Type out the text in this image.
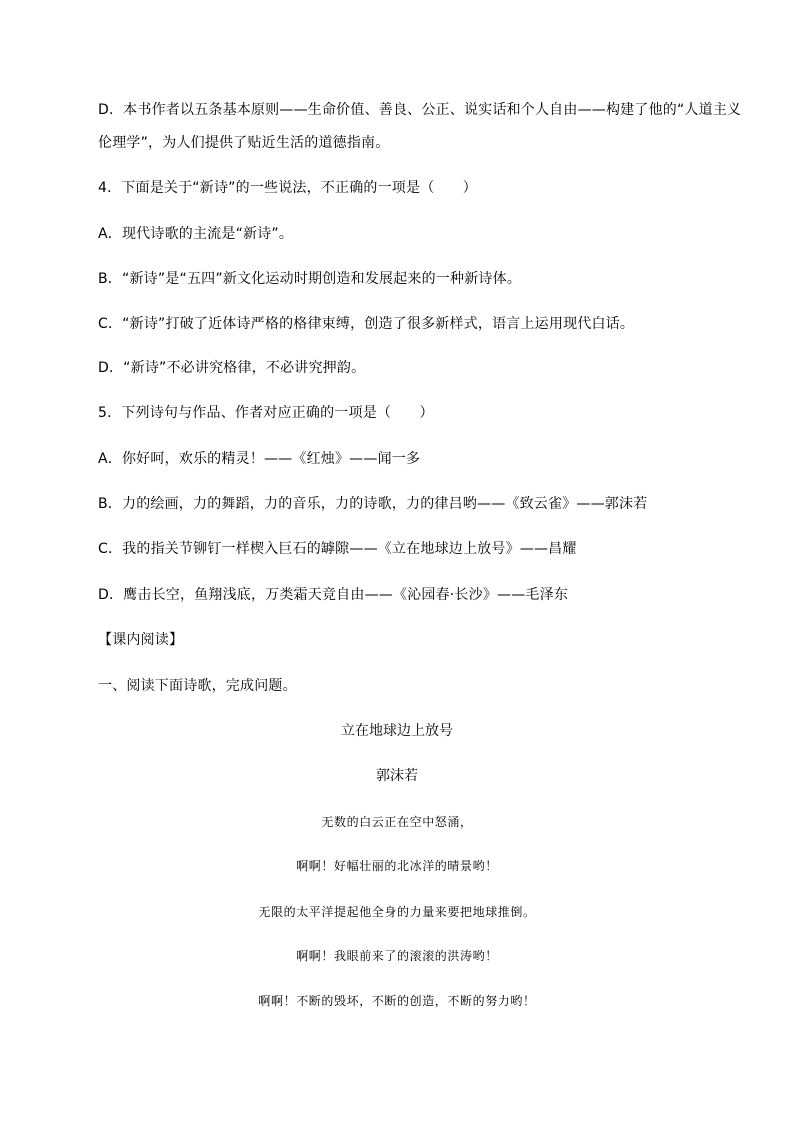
D．本书作者以五条基本原则——生命价值、善良、公正、说实话和个人自由——构建了他的“人道主义
伦理学”，为人们提供了贴近生活的道德指南。
4．下面是关于“新诗”的一些说法，不正确的一项是（　　）
A．现代诗歌的主流是“新诗”。
B．“新诗”是“五四”新文化运动时期创造和发展起来的一种新诗体。
C．“新诗”打破了近体诗严格的格律束缚，创造了很多新样式，语言上运用现代白话。
D．“新诗”不必讲究格律，不必讲究押韵。
5．下列诗句与作品、作者对应正确的一项是（　　）
A．你好呵，欢乐的精灵！——《红烛》——闻一多
B．力的绘画，力的舞蹈，力的音乐，力的诗歌，力的律吕哟——《致云雀》——郭沫若
C．我的指关节铆钉一样楔入巨石的罅隙——《立在地球边上放号》——昌耀
D．鹰击长空，鱼翔浅底，万类霜天竞自由——《沁园春·长沙》——毛泽东
【课内阅读】
一、阅读下面诗歌，完成问题。
立在地球边上放号
郭沫若
无数的白云正在空中怒涌，
啊啊！好幅壮丽的北冰洋的晴景哟！
无限的太平洋提起他全身的力量来要把地球推倒。
啊啊！我眼前来了的滚滚的洪涛哟！
啊啊！不断的毁坏，不断的创造，不断的努力哟！
